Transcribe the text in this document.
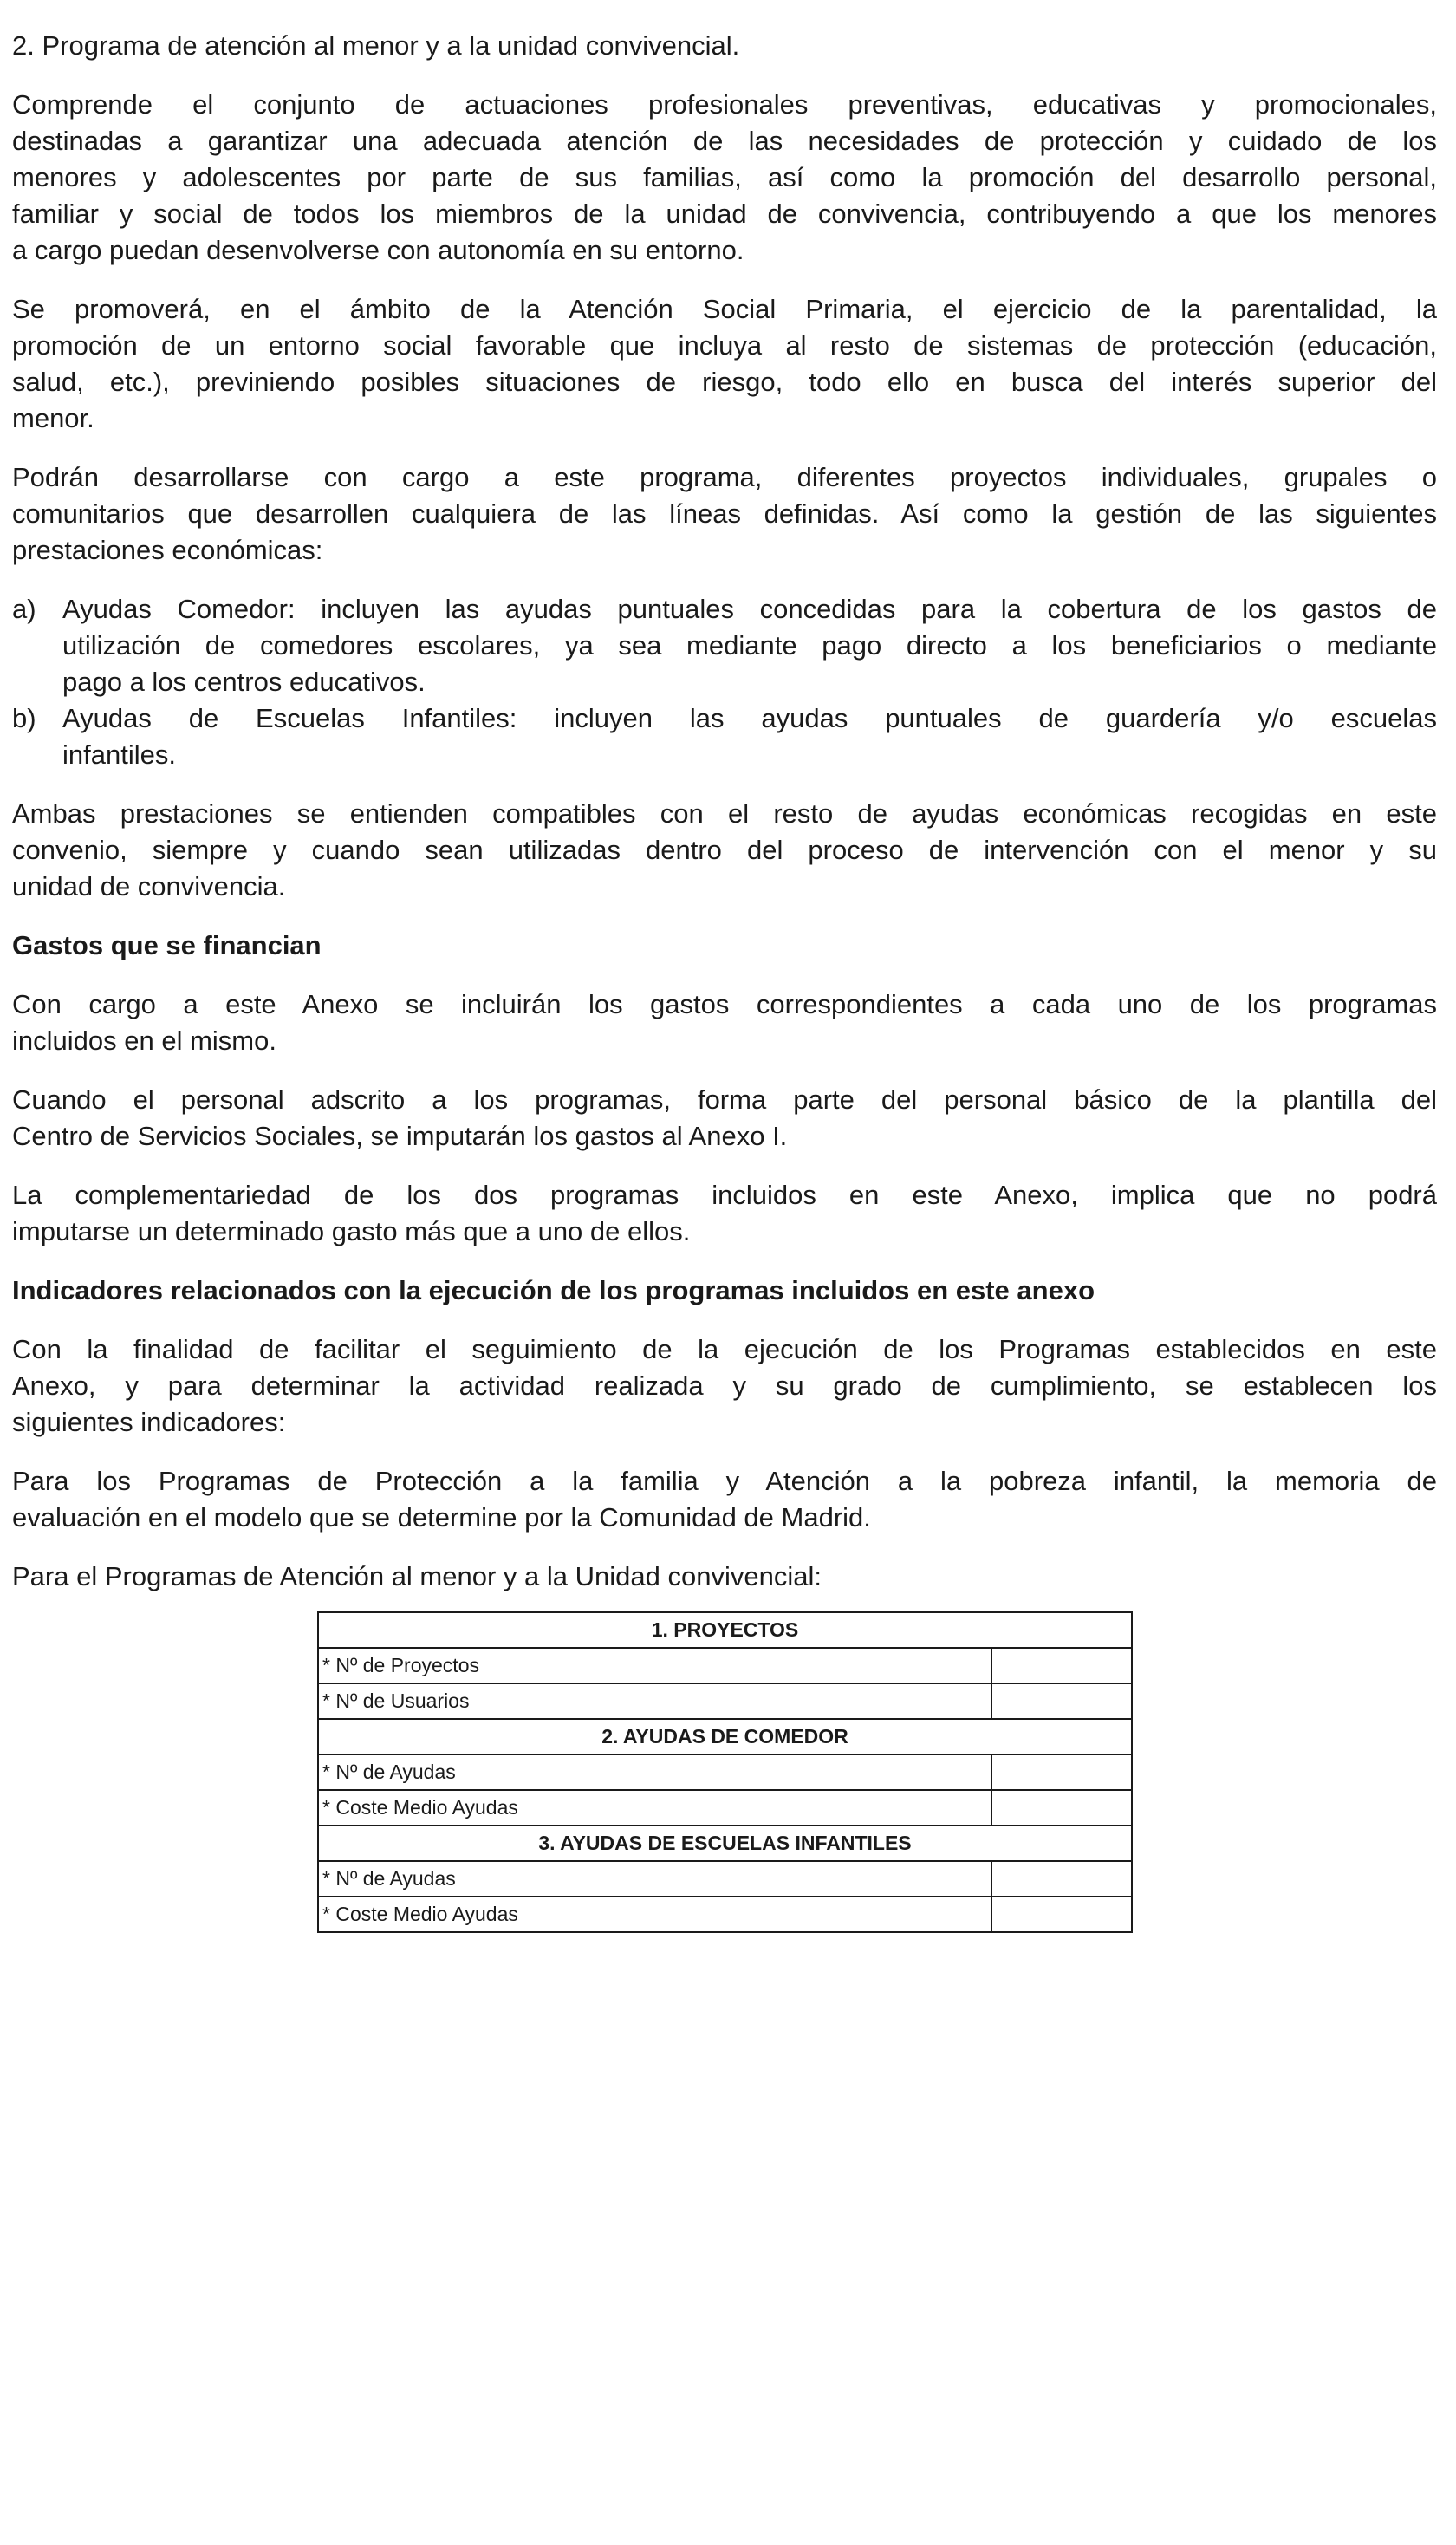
2. Programa de atención al menor y a la unidad convivencial.

Comprende el conjunto de actuaciones profesionales preventivas, educativas y promocionales,
destinadas a garantizar una adecuada atención de las necesidades de protección y cuidado de los
menores y adolescentes por parte de sus familias, así como la promoción del desarrollo personal,
familiar y social de todos los miembros de la unidad de convivencia, contribuyendo a que los menores
a cargo puedan desenvolverse con autonomía en su entorno.

Se promoverá, en el ámbito de la Atención Social Primaria, el ejercicio de la parentalidad, la
promoción de un entorno social favorable que incluya al resto de sistemas de protección (educación,
salud, etc.), previniendo posibles situaciones de riesgo, todo ello en busca del interés superior del
menor.

Podrán desarrollarse con cargo a este programa, diferentes proyectos individuales, grupales o
comunitarios que desarrollen cualquiera de las líneas definidas. Así como la gestión de las siguientes
prestaciones económicas:

a) Ayudas Comedor: incluyen las ayudas puntuales concedidas para la cobertura de los gastos de
utilización de comedores escolares, ya sea mediante pago directo a los beneficiarios o mediante
pago a los centros educativos.
b) Ayudas de Escuelas Infantiles: incluyen las ayudas puntuales de guardería y/o escuelas
infantiles.

Ambas prestaciones se entienden compatibles con el resto de ayudas económicas recogidas en este
convenio, siempre y cuando sean utilizadas dentro del proceso de intervención con el menor y su
unidad de convivencia.

Gastos que se financian

Con cargo a este Anexo se incluirán los gastos correspondientes a cada uno de los programas
incluidos en el mismo.

Cuando el personal adscrito a los programas, forma parte del personal básico de la plantilla del
Centro de Servicios Sociales, se imputarán los gastos al Anexo I.

La complementariedad de los dos programas incluidos en este Anexo, implica que no podrá
imputarse un determinado gasto más que a uno de ellos.

Indicadores relacionados con la ejecución de los programas incluidos en este anexo

Con la finalidad de facilitar el seguimiento de la ejecución de los Programas establecidos en este
Anexo, y para determinar la actividad realizada y su grado de cumplimiento, se establecen los
siguientes indicadores:

Para los Programas de Protección a la familia y Atención a la pobreza infantil, la memoria de
evaluación en el modelo que se determine por la Comunidad de Madrid.

Para el Programas de Atención al menor y a la Unidad convivencial:

1. PROYECTOS	
* Nº de Proyectos	
* Nº de Usuarios	
2. AYUDAS DE COMEDOR	
* Nº de Ayudas	
* Coste Medio Ayudas	
3. AYUDAS DE ESCUELAS INFANTILES	
* Nº de Ayudas	
* Coste Medio Ayudas	
